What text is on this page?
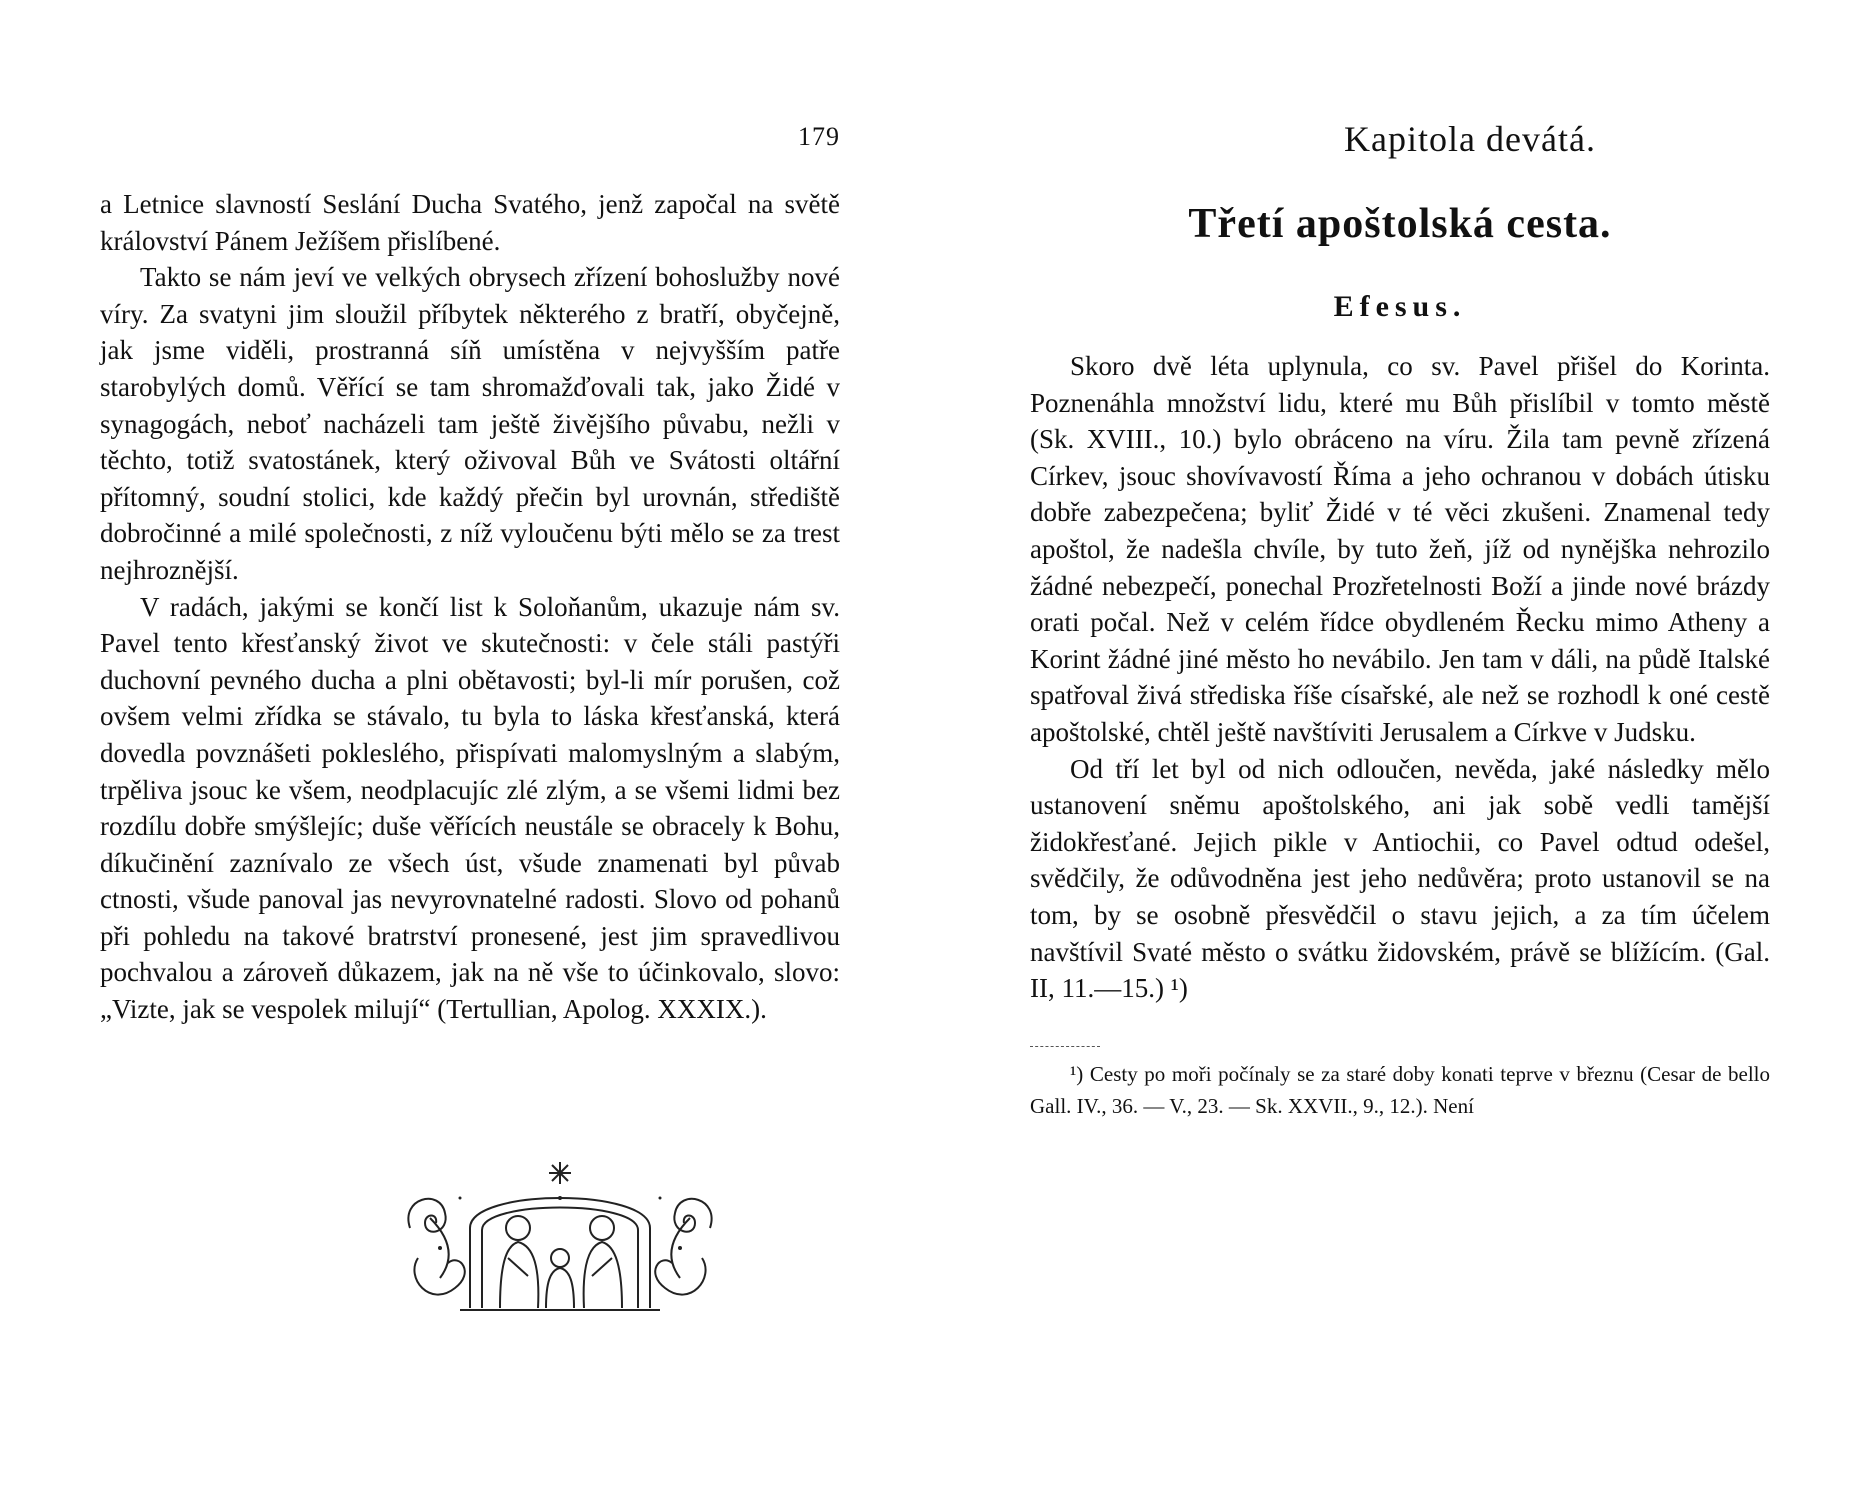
179

a Letnice slavností Seslání Ducha Svatého, jenž započal na světě království Pánem Ježíšem přislíbené.

Takto se nám jeví ve velkých obrysech zřízení bohoslužby nové víry. Za svatyni jim sloužil příbytek některého z bratří, obyčejně, jak jsme viděli, prostranná síň umístěna v nejvyšším patře starobylých domů. Věřící se tam shromažďovali tak, jako Židé v synagogách, neboť nacházeli tam ještě živějšího půvabu, nežli v těchto, totiž svatostánek, který oživoval Bůh ve Svátosti oltářní přítomný, soudní stolici, kde každý přečin byl urovnán, střediště dobročinné a milé společnosti, z níž vyloučenu býti mělo se za trest nejhroznější.

V radách, jakými se končí list k Soloňanům, ukazuje nám sv. Pavel tento křesťanský život ve skutečnosti: v čele stáli pastýři duchovní pevného ducha a plni obětavosti; byl-li mír porušen, což ovšem velmi zřídka se stávalo, tu byla to láska křesťanská, která dovedla povznášeti pokleslého, přispívati malomyslným a slabým, trpěliva jsouc ke všem, neodplacujíc zlé zlým, a se všemi lidmi bez rozdílu dobře smýšlejíc; duše věřících neustále se obracely k Bohu, díkučinění zaznívalo ze všech úst, všude znamenati byl půvab ctnosti, všude panoval jas nevyrovnatelné radosti. Slovo od pohanů při pohledu na takové bratrství pronesené, jest jim spravedlivou pochvalou a zároveň důkazem, jak na ně vše to účinkovalo, slovo: „Vizte, jak se vespolek milují“ (Tertullian, Apolog. XXXIX.).

Kapitola devátá.
Třetí apoštolská cesta.
Efesus.

Skoro dvě léta uplynula, co sv. Pavel přišel do Korinta. Poznenáhla množství lidu, které mu Bůh přislíbil v tomto městě (Sk. XVIII., 10.) bylo obráceno na víru. Žila tam pevně zřízená Církev, jsouc shovívavostí Říma a jeho ochranou v dobách útisku dobře zabezpečena; byliť Židé v té věci zkušeni. Znamenal tedy apoštol, že nadešla chvíle, by tuto žeň, jíž od nynějška nehrozilo žádné nebezpečí, ponechal Prozřetelnosti Boží a jinde nové brázdy orati počal. Než v celém řídce obydleném Řecku mimo Atheny a Korint žádné jiné město ho nevábilo. Jen tam v dáli, na půdě Italské spatřoval živá střediska říše císařské, ale než se rozhodl k oné cestě apoštolské, chtěl ještě navštíviti Jerusalem a Církve v Judsku.

Od tří let byl od nich odloučen, nevěda, jaké následky mělo ustanovení sněmu apoštolského, ani jak sobě vedli tamější židokřesťané. Jejich pikle v Antiochii, co Pavel odtud odešel, svědčily, že odůvodněna jest jeho nedůvěra; proto ustanovil se na tom, by se osobně přesvědčil o stavu jejich, a za tím účelem navštívil Svaté město o svátku židovském, právě se blížícím. (Gal. II, 11.—15.) ¹)

¹) Cesty po moři počínaly se za staré doby konati teprve v březnu (Cesar de bello Gall. IV., 36. — V., 23. — Sk. XXVII., 9., 12.). Není
